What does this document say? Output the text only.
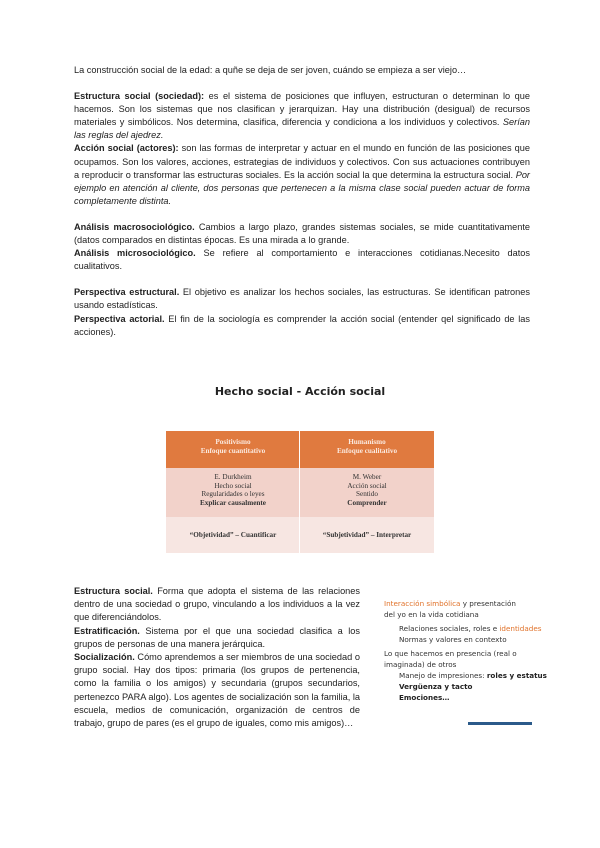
La construcción social de la edad: a quñe se deja de ser joven, cuándo se empieza a ser viejo…

Estructura social (sociedad): es el sistema de posiciones que influyen, estructuran o determinan lo que hacemos. Son los sistemas que nos clasifican y jerarquizan. Hay una distribución (desigual) de recursos materiales y simbólicos. Nos determina, clasifica, diferencia y condiciona a los individuos y colectivos. Serían las reglas del ajedrez.

Acción social (actores): son las formas de interpretar y actuar en el mundo en función de las posiciones que ocupamos. Son los valores, acciones, estrategias de individuos y colectivos. Con sus actuaciones contribuyen a reproducir o transformar las estructuras sociales. Es la acción social la que determina la estructura social. Por ejemplo en atención al cliente, dos personas que pertenecen a la misma clase social pueden actuar de forma completamente distinta.

Análisis macrosociológico. Cambios a largo plazo, grandes sistemas sociales, se mide cuantitativamente (datos comparados en distintas épocas. Es una mirada a lo grande.

Análisis microsociológico. Se refiere al comportamiento e interacciones cotidianas.Necesito datos cualitativos.

Perspectiva estructural. El objetivo es analizar los hechos sociales, las estructuras. Se identifican patrones usando estadísticas.

Perspectiva actorial. El fin de la sociología es comprender la acción social (entender qel significado de las acciones).

Hecho social - Acción social
Positivismo
Enfoque cuantitativo
Humanismo
Enfoque cualitativo
E. Durkheim
Hecho social
Regularidades o leyes
Explicar causalmente
M. Weber
Acción social
Sentido
Comprender
“Objetividad” – Cuantificar	“Subjetividad” – Interpretar

Estructura social. Forma que adopta el sistema de las relaciones dentro de una sociedad o grupo, vinculando a los individuos a la vez que diferenciándolos.

Estratificación. Sistema por el que una sociedad clasifica a los grupos de personas de una manera jerárquica.

Socialización. Cómo aprendemos a ser miembros de una sociedad o grupo social. Hay dos tipos: primaria (los grupos de pertenencia, como la familia o los amigos) y secundaria (grupos secundarios, pertenezco PARA algo). Los agentes de socialización son la familia, la escuela, medios de comunicación, organización de centros de trabajo, grupo de pares (es el grupo de iguales, como mis amigos)…

Interacción simbólica y presentación
del yo en la vida cotidiana
Relaciones sociales, roles e identidades
Normas y valores en contexto
Lo que hacemos en presencia (real o
imaginada) de otros
Manejo de impresiones: roles y estatus
Vergüenza y tacto
Emociones…
